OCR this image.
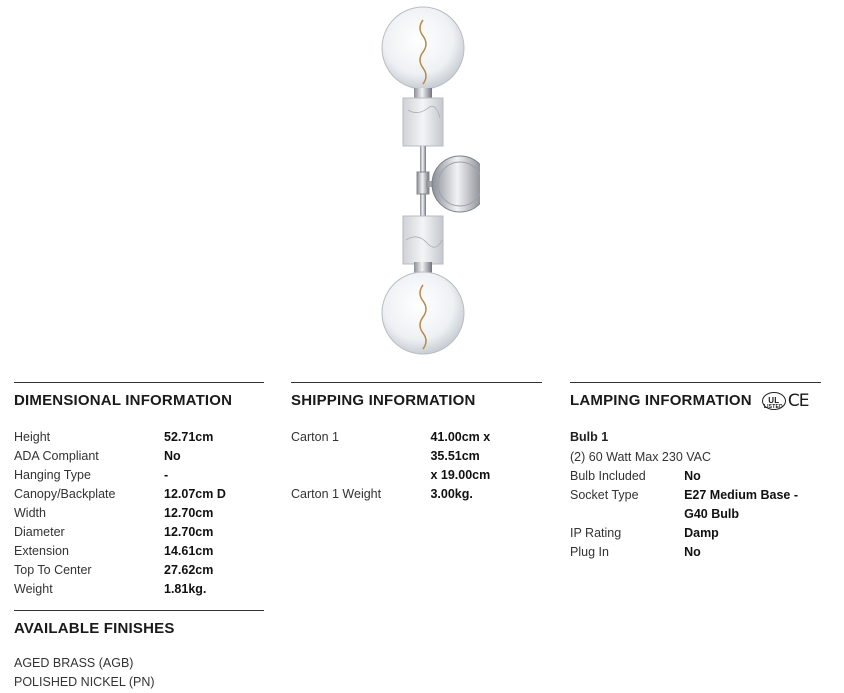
DIMENSIONAL INFORMATION
Height	52.71cm
ADA Compliant	No
Hanging Type	-
Canopy/Backplate	12.07cm D
Width	12.70cm
Diameter	12.70cm
Extension	14.61cm
Top To Center	27.62cm
Weight	1.81kg.
SHIPPING INFORMATION
Carton 1	41.00cm x 35.51cm
x 19.00cm
Carton 1 Weight	3.00kg.
LAMPING INFORMATION UL
LISTED CE
Bulb 1
(2) 60 Watt Max 230 VAC
Bulb Included	No
Socket Type	E27 Medium Base - G40 Bulb
IP Rating	Damp
Plug In	No
AVAILABLE FINISHES
AGED BRASS (AGB)
POLISHED NICKEL (PN)
